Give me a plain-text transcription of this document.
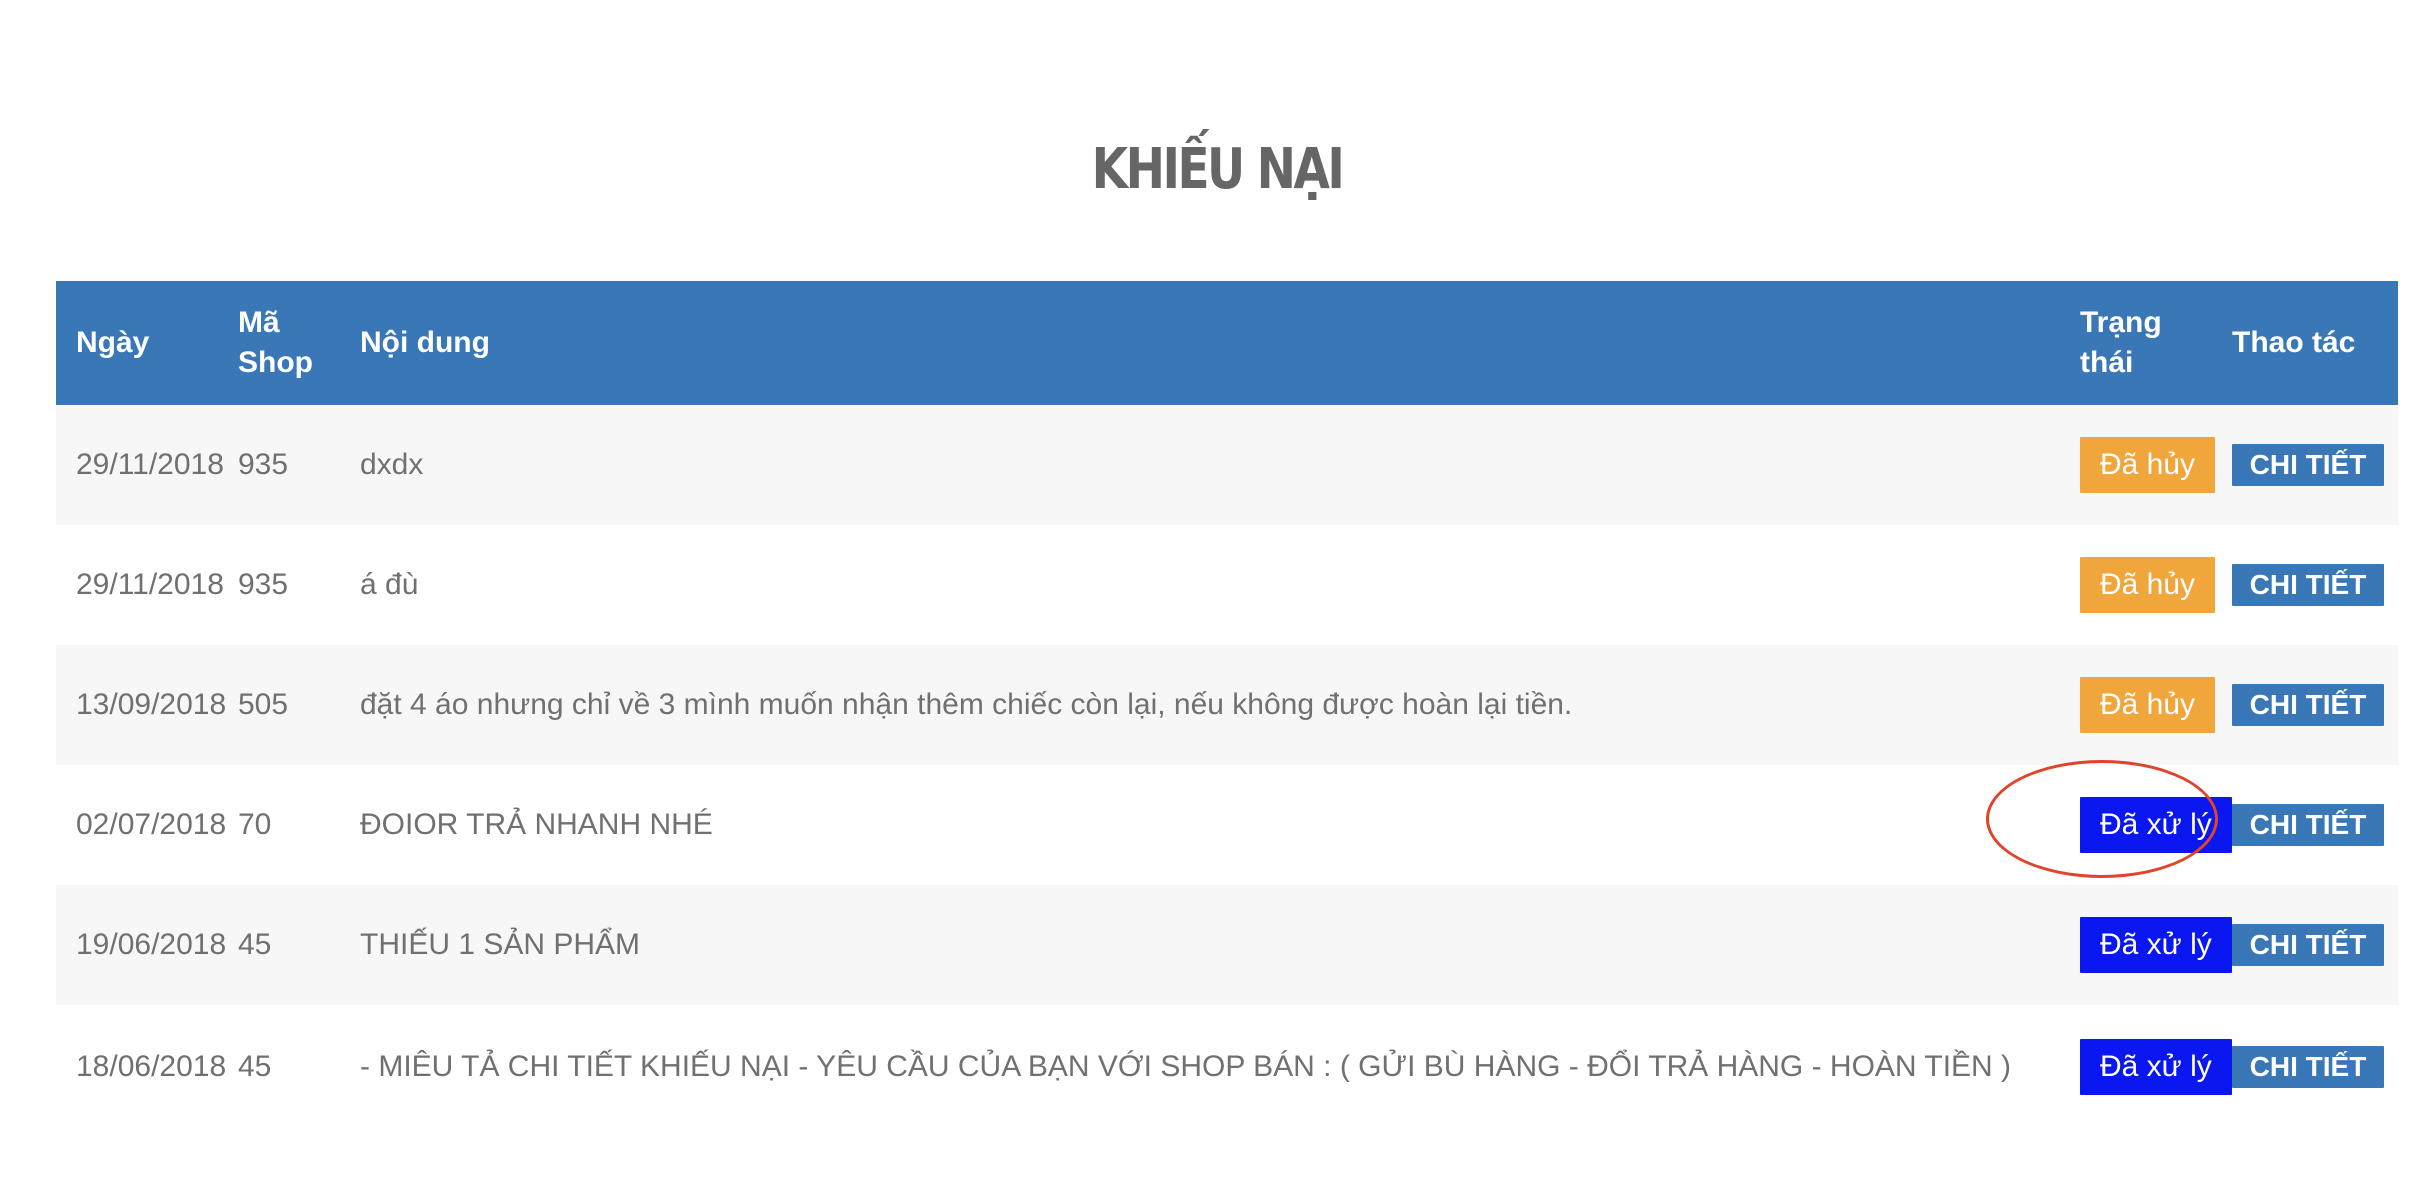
KHIẾU NẠI
Ngày	Mã Shop	Nội dung	Trạng thái	Thao tác
29/11/2018	935	dxdx	Đã hủy	CHI TIẾT
29/11/2018	935	á đù	Đã hủy	CHI TIẾT
13/09/2018	505	đặt 4 áo nhưng chỉ về 3 mình muốn nhận thêm chiếc còn lại, nếu không được hoàn lại tiền.	Đã hủy	CHI TIẾT
02/07/2018	70	ĐOIOR TRẢ NHANH NHÉ	Đã xử lý	CHI TIẾT
19/06/2018	45	THIẾU 1 SẢN PHẨM	Đã xử lý	CHI TIẾT
18/06/2018	45	- MIÊU TẢ CHI TIẾT KHIẾU NẠI - YÊU CẦU CỦA BẠN VỚI SHOP BÁN : ( GỬI BÙ HÀNG - ĐỔI TRẢ HÀNG - HOÀN TIỀN )	Đã xử lý	CHI TIẾT
